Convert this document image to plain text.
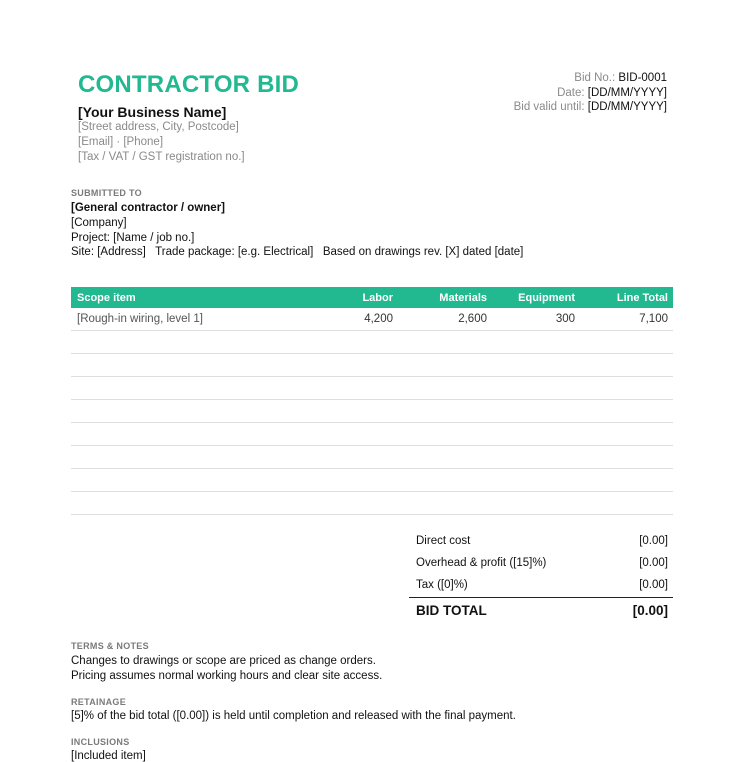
CONTRACTOR BID
[Your Business Name]
[Street address, City, Postcode]
[Email] · [Phone]
[Tax / VAT / GST registration no.]
Bid No.: BID-0001
Date: [DD/MM/YYYY]
Bid valid until: [DD/MM/YYYY]
SUBMITTED TO
[General contractor / owner]
[Company]
Project: [Name / job no.]
Site: [Address]   Trade package: [e.g. Electrical]   Based on drawings rev. [X] dated [date]
Scope item	Labor	Materials	Equipment	Line Total
[Rough-in wiring, level 1]	4,200	2,600	300	7,100
Direct cost	[0.00]
Overhead & profit ([15]%)	[0.00]
Tax ([0]%)	[0.00]
BID TOTAL	[0.00]
TERMS & NOTES
Changes to drawings or scope are priced as change orders.
Pricing assumes normal working hours and clear site access.
RETAINAGE
[5]% of the bid total ([0.00]) is held until completion and released with the final payment.
INCLUSIONS
[Included item]
